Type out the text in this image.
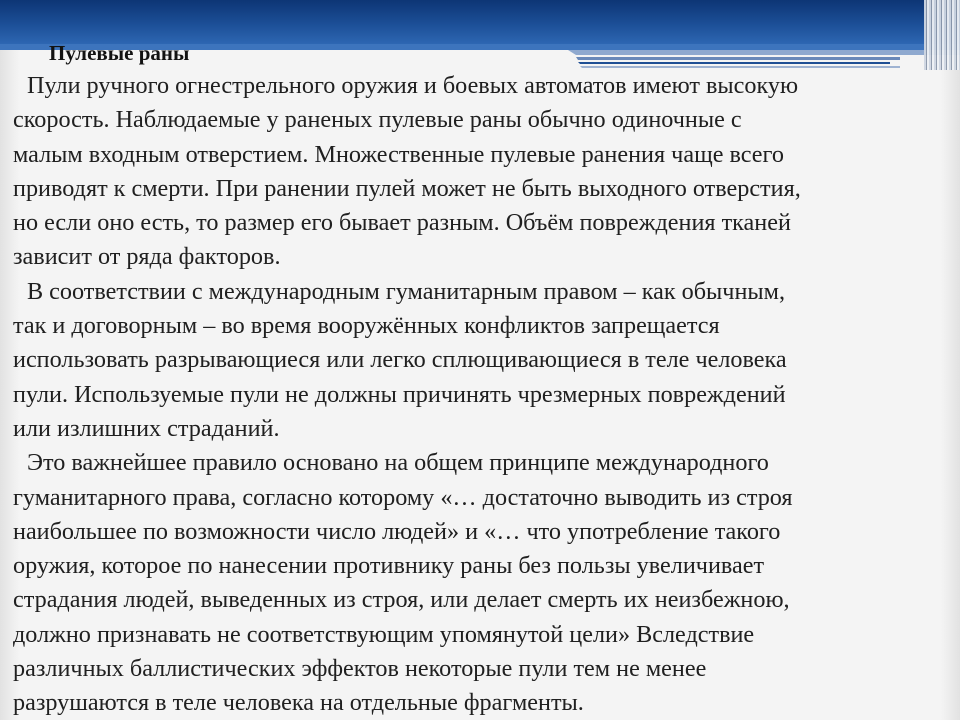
Пулевые раны

Пули ручного огнестрельного оружия и боевых автоматов имеют высокую
скорость. Наблюдаемые у раненых пулевые раны обычно одиночные с
малым входным отверстием. Множественные пулевые ранения чаще всего
приводят к смерти. При ранении пулей может не быть выходного отверстия,
но если оно есть, то размер его бывает разным. Объём повреждения тканей
зависит от ряда факторов.

В соответствии с международным гуманитарным правом – как обычным,
так и договорным – во время вооружённых конфликтов запрещается
использовать разрывающиеся или легко сплющивающиеся в теле человека
пули. Используемые пули не должны причинять чрезмерных повреждений
или излишних страданий.

Это важнейшее правило основано на общем принципе международного
гуманитарного права, согласно которому «… достаточно выводить из строя
наибольшее по возможности число людей» и «… что употребление такого
оружия, которое по нанесении противнику раны без пользы увеличивает
страдания людей, выведенных из строя, или делает смерть их неизбежною,
должно признавать не соответствующим упомянутой цели» Вследствие
различных баллистических эффектов некоторые пули тем не менее
разрушаются в теле человека на отдельные фрагменты.
